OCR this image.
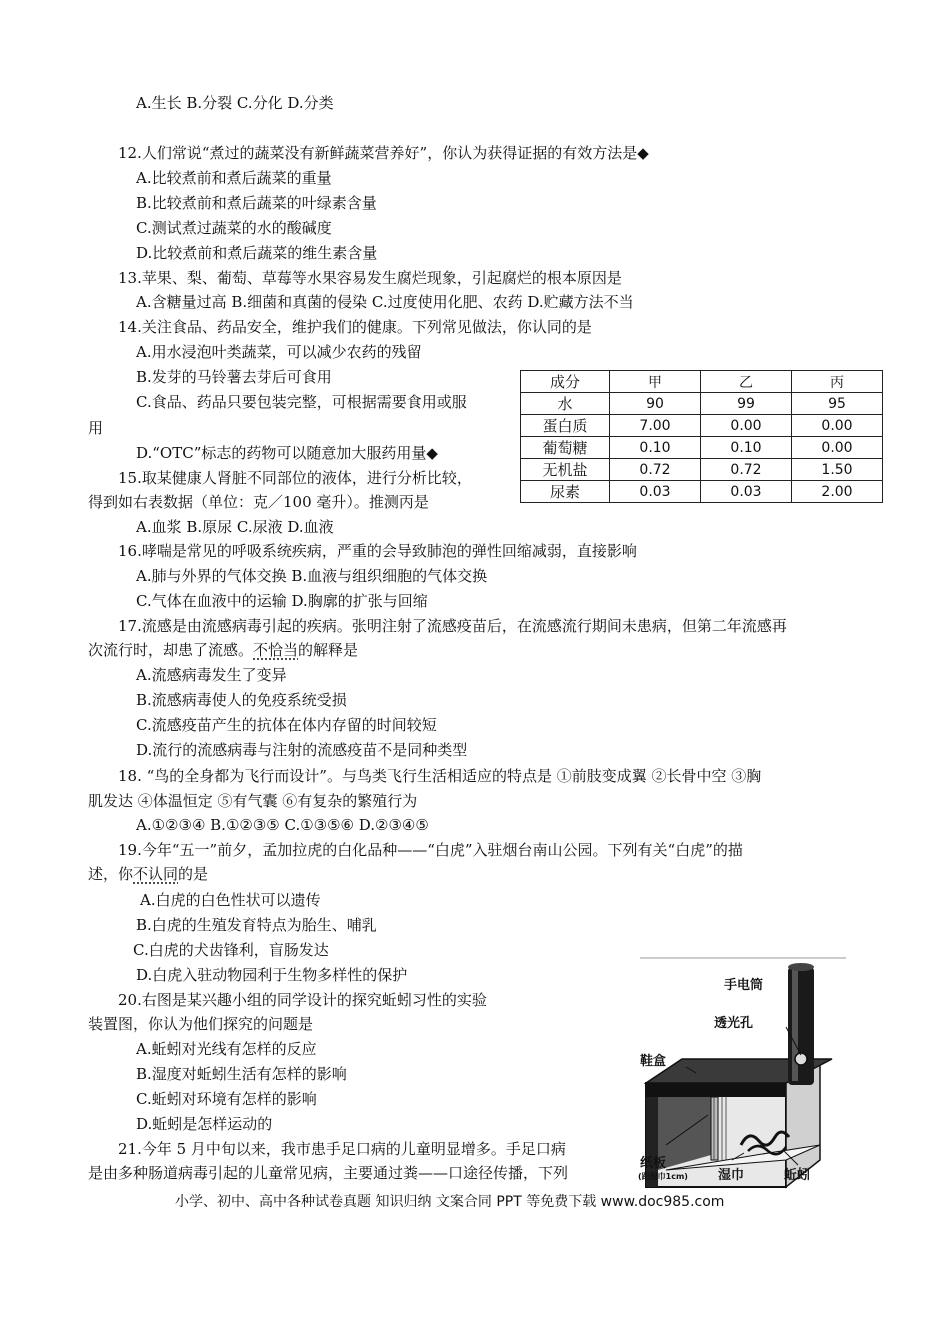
A.生长 B.分裂 C.分化 D.分类
12.人们常说“煮过的蔬菜没有新鲜蔬菜营养好”，你认为获得证据的有效方法是◆
A.比较煮前和煮后蔬菜的重量
B.比较煮前和煮后蔬菜的叶绿素含量
C.测试煮过蔬菜的水的酸碱度
D.比较煮前和煮后蔬菜的维生素含量
13.苹果、梨、葡萄、草莓等水果容易发生腐烂现象，引起腐烂的根本原因是
A.含糖量过高 B.细菌和真菌的侵染 C.过度使用化肥、农药 D.贮藏方法不当
14.关注食品、药品安全，维护我们的健康。下列常见做法，你认同的是
A.用水浸泡叶类蔬菜，可以减少农药的残留
B.发芽的马铃薯去芽后可食用
C.食品、药品只要包装完整，可根据需要食用或服
用
D.“OTC”标志的药物可以随意加大服药用量◆
15.取某健康人肾脏不同部位的液体，进行分析比较，
得到如右表数据（单位：克／100 毫升）。推测丙是
A.血浆 B.原尿 C.尿液 D.血液
成分	甲	乙	丙
水	90	99	95
蛋白质	7.00	0.00	0.00
葡萄糖	0.10	0.10	0.00
无机盐	0.72	0.72	1.50
尿素	0.03	0.03	2.00
16.哮喘是常见的呼吸系统疾病，严重的会导致肺泡的弹性回缩减弱，直接影响
A.肺与外界的气体交换 B.血液与组织细胞的气体交换
C.气体在血液中的运输 D.胸廓的扩张与回缩
17.流感是由流感病毒引起的疾病。张明注射了流感疫苗后，在流感流行期间未患病，但第二年流感再
次流行时，却患了流感。不恰当的解释是
A.流感病毒发生了变异
B.流感病毒使人的免疫系统受损
C.流感疫苗产生的抗体在体内存留的时间较短
D.流行的流感病毒与注射的流感疫苗不是同种类型
18. “鸟的全身都为飞行而设计”。与鸟类飞行生活相适应的特点是 ①前肢变成翼 ②长骨中空 ③胸
肌发达 ④体温恒定 ⑤有气囊 ⑥有复杂的繁殖行为
A.①②③④ B.①②③⑤ C.①③⑤⑥ D.②③④⑤
19.今年“五一”前夕，孟加拉虎的白化品种——“白虎”入驻烟台南山公园。下列有关“白虎”的描
述，你不认同的是
A.白虎的白色性状可以遗传
B.白虎的生殖发育特点为胎生、哺乳
C.白虎的犬齿锋利，盲肠发达
D.白虎入驻动物园利于生物多样性的保护
20.右图是某兴趣小组的同学设计的探究蚯蚓习性的实验
装置图，你认为他们探究的问题是
A.蚯蚓对光线有怎样的反应
B.湿度对蚯蚓生活有怎样的影响
C.蚯蚓对环境有怎样的影响
D.蚯蚓是怎样运动的
21.今年 5 月中旬以来，我市患手足口病的儿童明显增多。手足口病
是由多种肠道病毒引起的儿童常见病，主要通过粪——口途径传播，下列
手电筒
透光孔
鞋盒
纸板
(距湿巾1cm) 湿巾	蚯蚓
小学、初中、高中各种试卷真题 知识归纳 文案合同 PPT 等免费下载 www.doc985.com
